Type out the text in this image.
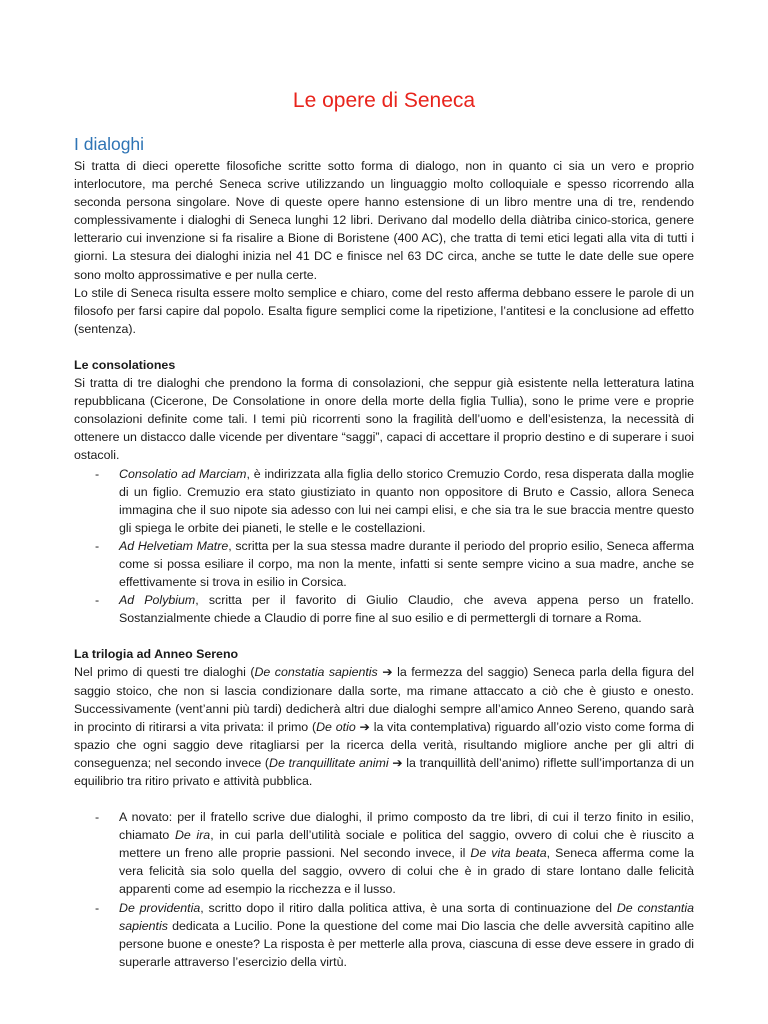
Le opere di Seneca
I dialoghi

Si tratta di dieci operette filosofiche scritte sotto forma di dialogo, non in quanto ci sia un vero e proprio interlocutore, ma perché Seneca scrive utilizzando un linguaggio molto colloquiale e spesso ricorrendo alla seconda persona singolare. Nove di queste opere hanno estensione di un libro mentre una di tre, rendendo complessivamente i dialoghi di Seneca lunghi 12 libri. Derivano dal modello della diàtriba cinico-storica, genere letterario cui invenzione si fa risalire a Bione di Boristene (400 AC), che tratta di temi etici legati alla vita di tutti i giorni. La stesura dei dialoghi inizia nel 41 DC e finisce nel 63 DC circa, anche se tutte le date delle sue opere sono molto approssimative e per nulla certe.

Lo stile di Seneca risulta essere molto semplice e chiaro, come del resto afferma debbano essere le parole di un filosofo per farsi capire dal popolo. Esalta figure semplici come la ripetizione, l’antitesi e la conclusione ad effetto (sentenza).

Le consolationes

Si tratta di tre dialoghi che prendono la forma di consolazioni, che seppur già esistente nella letteratura latina repubblicana (Cicerone, De Consolatione in onore della morte della figlia Tullia), sono le prime vere e proprie consolazioni definite come tali. I temi più ricorrenti sono la fragilità dell’uomo e dell’esistenza, la necessità di ottenere un distacco dalle vicende per diventare “saggi”, capaci di accettare il proprio destino e di superare i suoi ostacoli.

- Consolatio ad Marciam, è indirizzata alla figlia dello storico Cremuzio Cordo, resa disperata dalla moglie di un figlio. Cremuzio era stato giustiziato in quanto non oppositore di Bruto e Cassio, allora Seneca immagina che il suo nipote sia adesso con lui nei campi elisi, e che sia tra le sue braccia mentre questo gli spiega le orbite dei pianeti, le stelle e le costellazioni.
- Ad Helvetiam Matre, scritta per la sua stessa madre durante il periodo del proprio esilio, Seneca afferma come si possa esiliare il corpo, ma non la mente, infatti si sente sempre vicino a sua madre, anche se effettivamente si trova in esilio in Corsica.
- Ad Polybium, scritta per il favorito di Giulio Claudio, che aveva appena perso un fratello. Sostanzialmente chiede a Claudio di porre fine al suo esilio e di permettergli di tornare a Roma.

La trilogia ad Anneo Sereno

Nel primo di questi tre dialoghi (De constatia sapientis ➔ la fermezza del saggio) Seneca parla della figura del saggio stoico, che non si lascia condizionare dalla sorte, ma rimane attaccato a ciò che è giusto e onesto. Successivamente (vent’anni più tardi) dedicherà altri due dialoghi sempre all’amico Anneo Sereno, quando sarà in procinto di ritirarsi a vita privata: il primo (De otio ➔ la vita contemplativa) riguardo all’ozio visto come forma di spazio che ogni saggio deve ritagliarsi per la ricerca della verità, risultando migliore anche per gli altri di conseguenza; nel secondo invece (De tranquillitate animi ➔ la tranquillità dell’animo) riflette sull’importanza di un equilibrio tra ritiro privato e attività pubblica.

- A novato: per il fratello scrive due dialoghi, il primo composto da tre libri, di cui il terzo finito in esilio, chiamato De ira, in cui parla dell’utilità sociale e politica del saggio, ovvero di colui che è riuscito a mettere un freno alle proprie passioni. Nel secondo invece, il De vita beata, Seneca afferma come la vera felicità sia solo quella del saggio, ovvero di colui che è in grado di stare lontano dalle felicità apparenti come ad esempio la ricchezza e il lusso.
- De providentia, scritto dopo il ritiro dalla politica attiva, è una sorta di continuazione del De constantia sapientis dedicata a Lucilio. Pone la questione del come mai Dio lascia che delle avversità capitino alle persone buone e oneste? La risposta è per metterle alla prova, ciascuna di esse deve essere in grado di superarle attraverso l’esercizio della virtù.
